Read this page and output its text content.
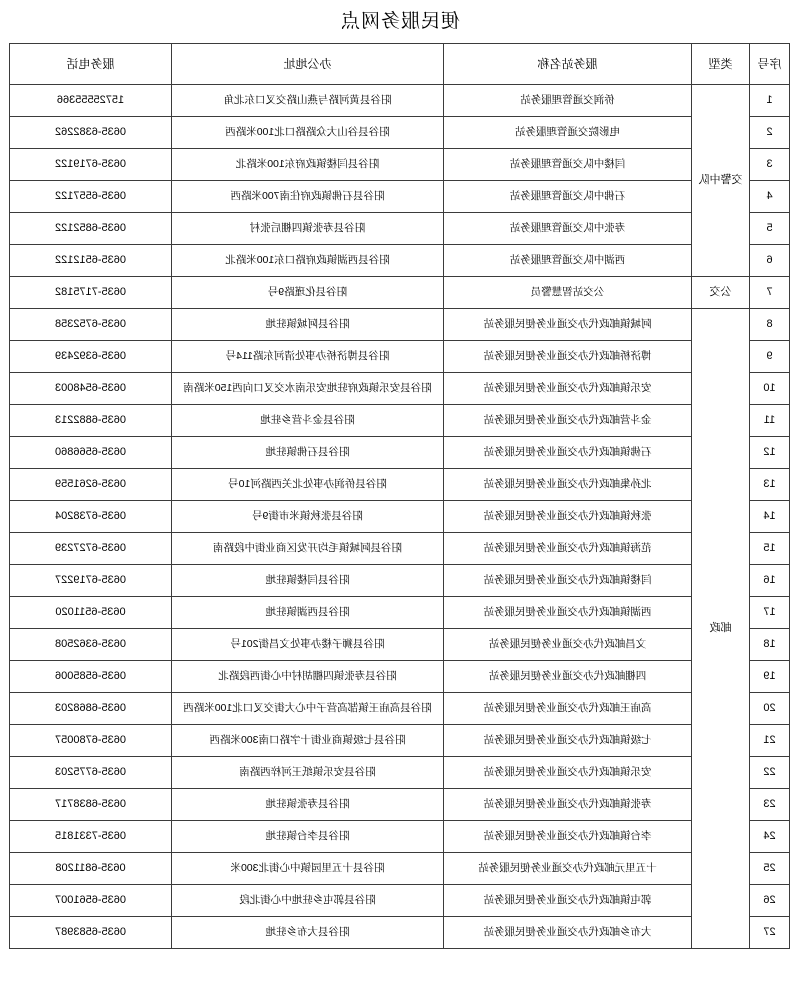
便民服务网点
序号	类型	服务站名称	办公地址	服务电话
1	交警中队	侨润交通管理服务站	阳谷县黄河路与燕山路交叉口东北角	15725555366
2		电影院交通管理服务站	阳谷县谷山大众路路口北100米路西	0635-6382262
3		闫楼中队交通管理服务站	阳谷县闫楼镇政府东100米路北	0635-6719122
4		石佛中队交通管理服务站	阳谷县石佛镇政府住南700米路西	0635-6557122
5		寿张中队交通管理服务站	阳谷县寿张镇四棚后张村	0635-6852122
6		西湖中队交通管理服务站	阳谷县西湖镇政府路口东100米路北	0635-6512122
7	公交	公交站智慧警员	阳谷县化瑾路9号	0635-7175182
8	邮政	阿城镇邮政代办交通业务便民服务站	阳谷县阿城镇驻地	0635-6752358
9		博济桥邮政代办交通业务便民服务站	阳谷县博济桥办事处清河东路114号	0635-6392439
10		安乐镇邮政代办交通业务便民服务站	阳谷县安乐镇政府驻地安乐南水交叉口向西150米路南	0635-6548003
11		金斗营邮政代办交通业务便民服务站	阳谷县金斗营乡驻地	0635-6882213
12		石佛镇邮政代办交通业务便民服务站	阳谷县石佛镇驻地	0635-6566860
13		北孙集邮政代办交通业务便民服务站	阳谷县侨润办事处北关西路河10号	0635-6261559
14		张秋镇邮政代办交通业务便民服务站	阳谷县张秋镇米市街9号	0635-6738204
15		范海镇邮政代办交通业务便民服务站	阳谷县阿城镇毛均开发区商业街中段路南	0635-6727239
16		闫楼镇邮政代办交通业务便民服务站	阳谷县闫楼镇驻地	0635-6719227
17		西湖镇邮政代办交通业务便民服务站	阳谷县西湖镇驻地	0635-6511020
18		文昌邮政代办交通业务便民服务站	阳谷县狮子楼办事处文昌街201号	0635-6362508
19		四棚邮政代办交通业务便民服务站	阳谷县寿张镇四棚胡村中心街西段路北	0635-6585006
20		高庙王邮政代办交通业务便民服务站	阳谷县高庙王镇郜高营子中心大街交叉口北100米路西	0635-6868203
21		七级镇邮政代办交通业务便民服务站	阳谷县七级镇商业街十字路口南300米路西	0635-6780057
22		安乐镇邮政代办交通业务便民服务站	阳谷县安乐镇纸王河梓西路南	0635-6775203
23		寿张镇邮政代办交通业务便民服务站	阳谷县寿张镇驻地	0635-6838717
24		李台镇邮政代办交通业务便民服务站	阳谷县李台镇驻地	0635-7331815
25		十五里元邮政代办交通业务便民服务站	阳谷县十五里园镇中心街北300米	0635-6811208
26		郭屯镇邮政代办交通业务便民服务站	阳谷县郭屯乡驻地中心街北段	0635-6561007
27		大布乡邮政代办交通业务便民服务站	阳谷县大布乡驻地	0635-6583987
